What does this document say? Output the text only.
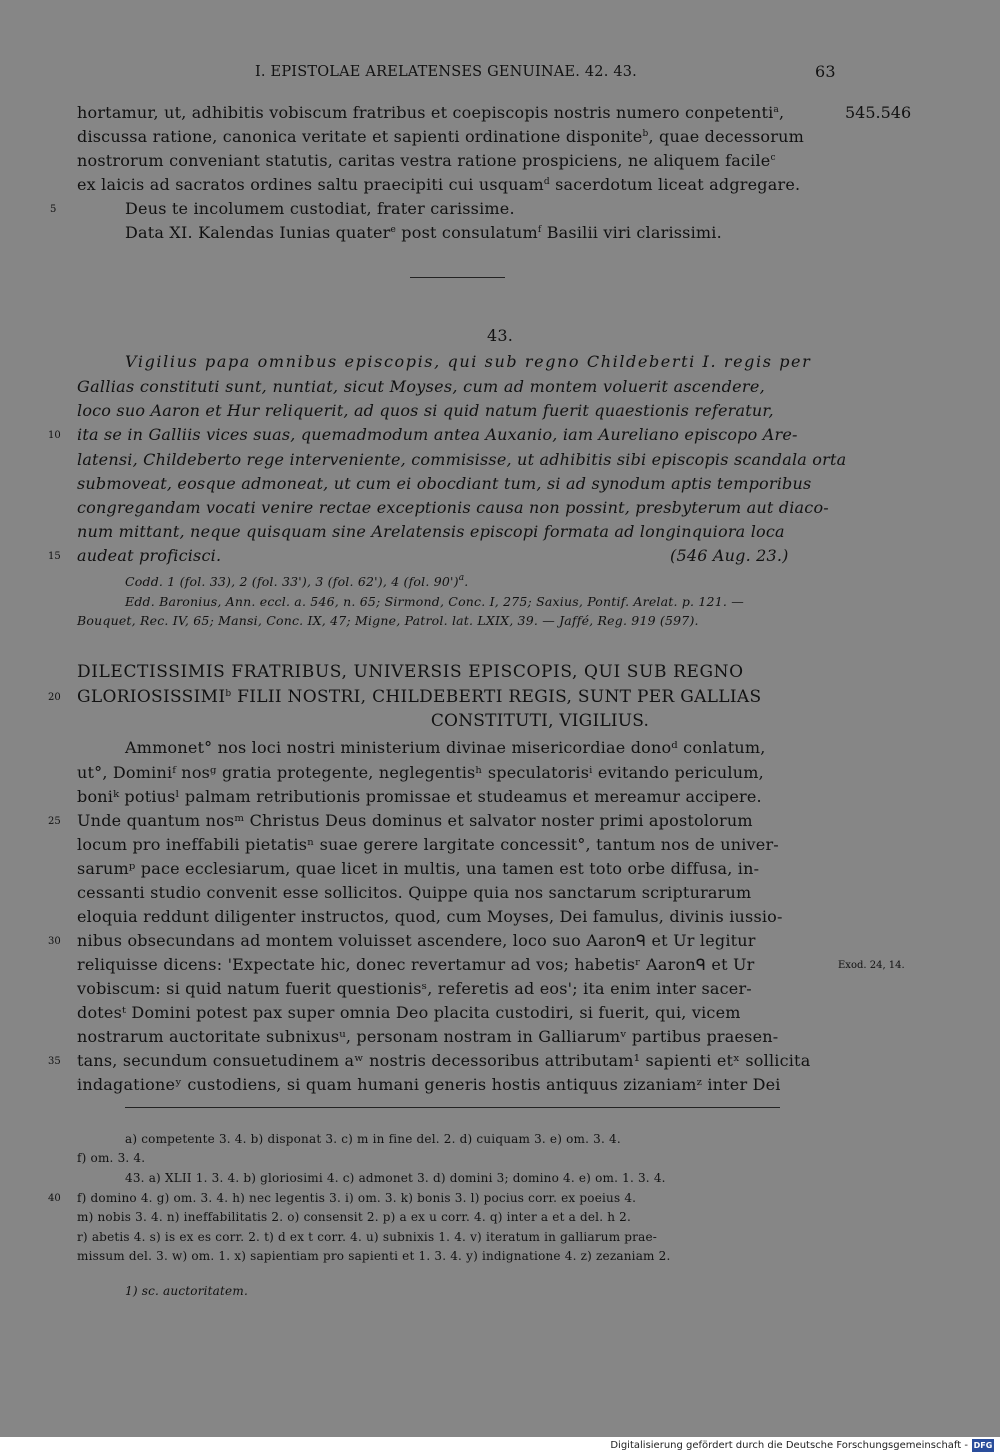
I. EPISTOLAE ARELATENSES GENUINAE. 42. 43.	63
hortamur, ut, adhibitis vobiscum fratribus et coepiscopis nostris numero conpetenti$^a$,	545.546
discussa ratione, canonica veritate et sapienti ordinatione disponite$^b$, quae decessorum
nostrorum conveniant statutis, caritas vestra ratione prospiciens, ne aliquem facile$^c$
ex laicis ad sacratos ordines saltu praecipiti cui usquam$^d$ sacerdotum liceat adgregare.
5	Deus te incolumem custodiat, frater carissime.
Data XI. Kalendas Iunias quater$^e$ post consulatum$^f$ Basilii viri clarissimi.
43.
Vigilius papa omnibus episcopis, qui sub regno Childeberti I. regis per
Gallias constituti sunt, nuntiat, sicut Moyses, cum ad montem voluerit ascendere,
loco suo Aaron et Hur reliquerit, ad quos si quid natum fuerit quaestionis referatur,
10 ita se in Galliis vices suas, quemadmodum antea Auxanio, iam Aureliano episcopo Are-
latensi, Childeberto rege interveniente, commisisse, ut adhibitis sibi episcopis scandala orta
submoveat, eosque admoneat, ut cum ei obocdiant tum, si ad synodum aptis temporibus
congregandam vocati venire rectae exceptionis causa non possint, presbyterum aut diaco-
num mittant, neque quisquam sine Arelatensis episcopi formata ad longinquiora loca
15 audeat proficisci.	(546 Aug. 23.)
Codd. 1 (fol. 33), 2 (fol. 33'), 3 (fol. 62'), 4 (fol. 90')$^a$.
Edd. Baronius, Ann. eccl. a. 546, n. 65; Sirmond, Conc. I, 275; Saxius, Pontif. Arelat. p. 121. —
Bouquet, Rec. IV, 65; Mansi, Conc. IX, 47; Migne, Patrol. lat. LXIX, 39. — Jaffé, Reg. 919 (597).
DILECTISSIMIS FRATRIBUS, UNIVERSIS EPISCOPIS, QUI SUB REGNO
20 GLORIOSISSIMI$^b$ FILII NOSTRI, CHILDEBERTI REGIS, SUNT PER GALLIAS
CONSTITUTI, VIGILIUS.
Ammonet° nos loci nostri ministerium divinae misericordiae donoᵈ conlatum,
ut°, Dominiᶠ nosᵍ gratia protegente, neglegentisʰ speculatorisⁱ evitando periculum,
boniᵏ potiusˡ palmam retributionis promissae et studeamus et mereamur accipere.
25 Unde quantum nosᵐ Christus Deus dominus et salvator noster primi apostolorum
locum pro ineffabili pietatisⁿ suae gerere largitate concessit°, tantum nos de univer-
sarumᵖ pace ecclesiarum, quae licet in multis, una tamen est toto orbe diffusa, in-
cessanti studio convenit esse sollicitos. Quippe quia nos sanctarum scripturarum
eloquia reddunt diligenter instructos, quod, cum Moyses, Dei famulus, divinis iussio-
30 nibus obsecundans ad montem voluisset ascendere, loco suo Aaronᑫ et Ur legitur
reliquisse dicens: 'Expectate hic, donec revertamur ad vos; habetisʳ Aaronᑫ et Ur	Exod. 24, 14.
vobiscum: si quid natum fuerit questionisˢ, referetis ad eos'; ita enim inter sacer-
dotesᵗ Domini potest pax super omnia Deo placita custodiri, si fuerit, qui, vicem
nostrarum auctoritate subnixusᵘ, personam nostram in Galliarumᵛ partibus praesen-
35 tans, secundum consuetudinem aʷ nostris decessoribus attributam¹ sapienti etˣ sollicita
indagationeʸ custodiens, si quam humani generis hostis antiquus zizaniamᶻ inter Dei
a) competente 3. 4. b) disponat 3. c) m in fine del. 2. d) cuiquam 3. e) om. 3. 4.
f) om. 3. 4.
43. a) XLII 1. 3. 4. b) gloriosimi 4. c) admonet 3. d) domini 3; domino 4. e) om. 1. 3. 4.
40 f) domino 4. g) om. 3. 4. h) nec legentis 3. i) om. 3. k) bonis 3. l) pocius corr. ex poeius 4.
m) nobis 3. 4. n) ineffabilitatis 2. o) consensit 2. p) a ex u corr. 4. q) inter a et a del. h 2.
r) abetis 4. s) is ex es corr. 2. t) d ex t corr. 4. u) subnixis 1. 4. v) iteratum in galliarum prae-
missum del. 3. w) om. 1. x) sapientiam pro sapienti et 1. 3. 4. y) indignatione 4. z) zezaniam 2.
1) sc. auctoritatem.
Digitalisierung gefördert durch die Deutsche Forschungsgemeinschaft - DFG
